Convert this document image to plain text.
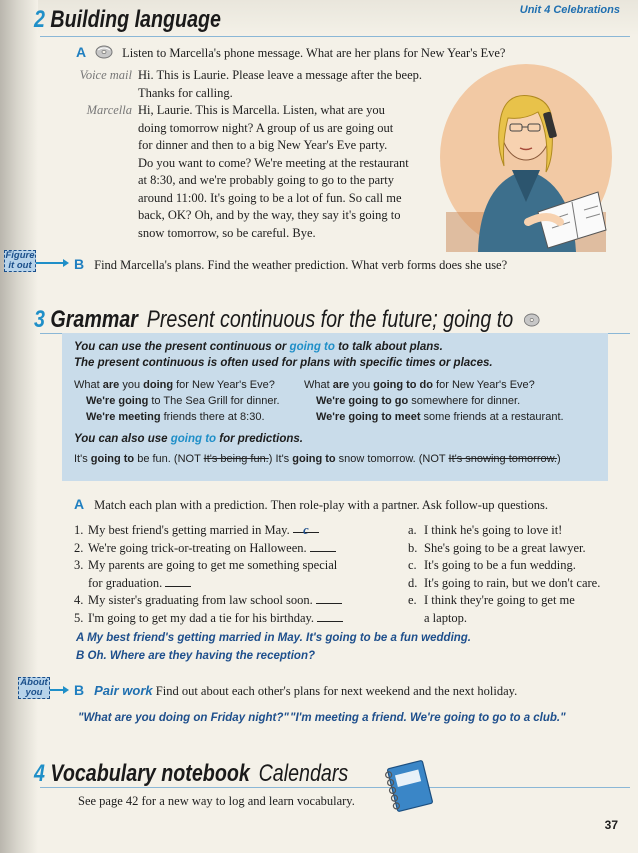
Unit 4 Celebrations
2 Building language
A	Listen to Marcella's phone message. What are her plans for New Year's Eve?
Voice mail Hi. This is Laurie. Please leave a message after the beep.
Thanks for calling.
Marcella Hi, Laurie. This is Marcella. Listen, what are you
doing tomorrow night? A group of us are going out
for dinner and then to a big New Year's Eve party.
Do you want to come? We're meeting at the restaurant
at 8:30, and we're probably going to go to the party
around 11:00. It's going to be a lot of fun. So call me
back, OK? Oh, and by the way, they say it's going to
snow tomorrow, so be careful. Bye.
Figure
it out	B Find Marcella's plans. Find the weather prediction. What verb forms does she use?
3 Grammar Present continuous for the future; going to
You can use the present continuous or going to to talk about plans.
The present continuous is often used for plans with specific times or places.
What are you doing for New Year's Eve?
We're going to The Sea Grill for dinner.
We're meeting friends there at 8:30.
What are you going to do for New Year's Eve?
We're going to go somewhere for dinner.
We're going to meet some friends at a restaurant.
You can also use going to for predictions.
It's going to be fun. (NOT It's being fun.) It's going to snow tomorrow. (NOT It's snowing tomorrow.)
A Match each plan with a prediction. Then role-play with a partner. Ask follow-up questions.
1. My best friend's getting married in May. c
2. We're going trick-or-treating on Halloween.
3. My parents are going to get me something special
for graduation.
4. My sister's graduating from law school soon.
5. I'm going to get my dad a tie for his birthday.
a. I think he's going to love it!
b. She's going to be a great lawyer.
c. It's going to be a fun wedding.
d. It's going to rain, but we don't care.
e. I think they're going to get me
a laptop.
A My best friend's getting married in May. It's going to be a fun wedding.
B Oh. Where are they having the reception?
About
you	B Pair work Find out about each other's plans for next weekend and the next holiday.
"What are you doing on Friday night?" "I'm meeting a friend. We're going to go to a club."
4 Vocabulary notebook Calendars
See page 42 for a new way to log and learn vocabulary.
37
